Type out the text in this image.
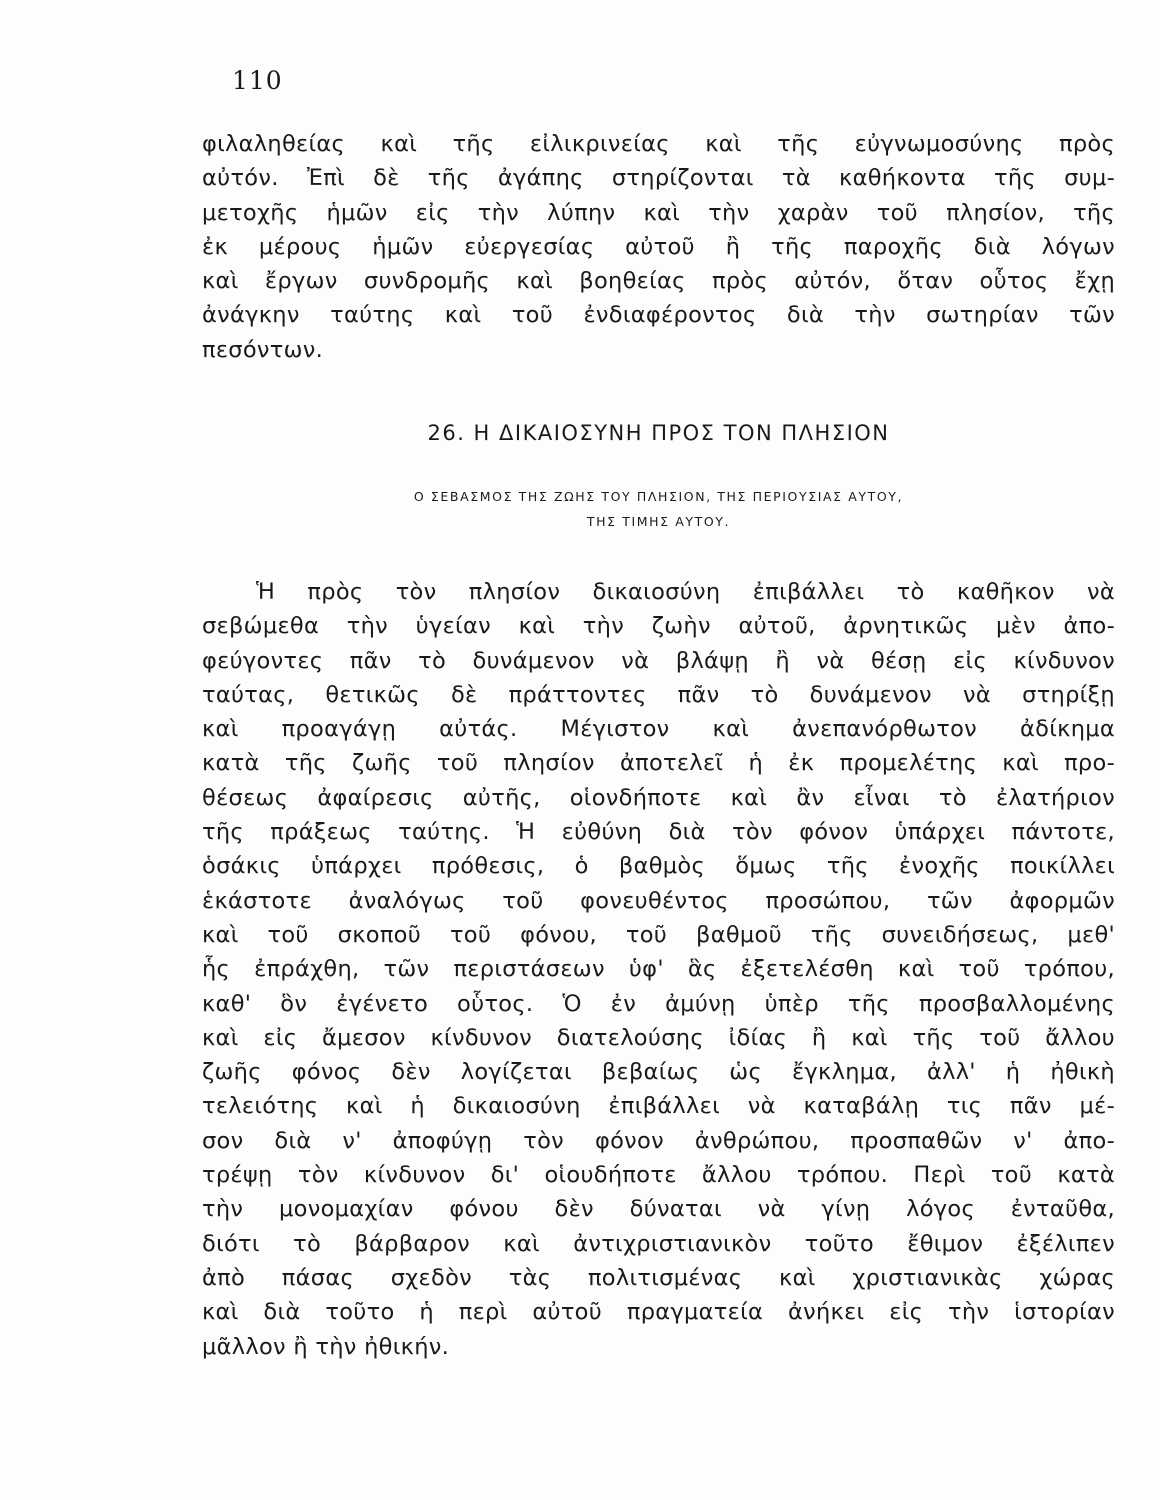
110
φιλαληθείας καὶ τῆς εἰλικρινείας καὶ τῆς εὐγνωμοσύνης πρὸς
αὐτόν. Ἐπὶ δὲ τῆς ἀγάπης στηρίζονται τὰ καθήκοντα τῆς συμ-
μετοχῆς ἡμῶν εἰς τὴν λύπην καὶ τὴν χαρὰν τοῦ πλησίον, τῆς
ἐκ μέρους ἡμῶν εὐεργεσίας αὐτοῦ ἢ τῆς παροχῆς διὰ λόγων
καὶ ἔργων συνδρομῆς καὶ βοηθείας πρὸς αὐτόν, ὅταν οὗτος ἔχῃ
ἀνάγκην ταύτης καὶ τοῦ ἐνδιαφέροντος διὰ τὴν σωτηρίαν τῶν
πεσόντων.
26. Η ΔΙΚΑΙΟΣΥΝΗ ΠΡΟΣ ΤΟΝ ΠΛΗΣΙΟΝ
Ο ΣΕΒΑΣΜΟΣ ΤΗΣ ΖΩΗΣ ΤΟΥ ΠΛΗΣΙΟΝ, ΤΗΣ ΠΕΡΙΟΥΣΙΑΣ ΑΥΤΟΥ,
ΤΗΣ ΤΙΜΗΣ ΑΥΤΟΥ.
Ἡ πρὸς τὸν πλησίον δικαιοσύνη ἐπιβάλλει τὸ καθῆκον νὰ
σεβώμεθα τὴν ὑγείαν καὶ τὴν ζωὴν αὐτοῦ, ἀρνητικῶς μὲν ἀπο-
φεύγοντες πᾶν τὸ δυνάμενον νὰ βλάψῃ ἢ νὰ θέσῃ εἰς κίνδυνον
ταύτας, θετικῶς δὲ πράττοντες πᾶν τὸ δυνάμενον νὰ στηρίξῃ
καὶ προαγάγῃ αὐτάς. Μέγιστον καὶ ἀνεπανόρθωτον ἀδίκημα
κατὰ τῆς ζωῆς τοῦ πλησίον ἀποτελεῖ ἡ ἐκ προμελέτης καὶ προ-
θέσεως ἀφαίρεσις αὐτῆς, οἱονδήποτε καὶ ἂν εἶναι τὸ ἐλατήριον
τῆς πράξεως ταύτης. Ἡ εὐθύνη διὰ τὸν φόνον ὑπάρχει πάντοτε,
ὁσάκις ὑπάρχει πρόθεσις, ὁ βαθμὸς ὅμως τῆς ἐνοχῆς ποικίλλει
ἑκάστοτε ἀναλόγως τοῦ φονευθέντος προσώπου, τῶν ἀφορμῶν
καὶ τοῦ σκοποῦ τοῦ φόνου, τοῦ βαθμοῦ τῆς συνειδήσεως, μεθ'
ἧς ἐπράχθη, τῶν περιστάσεων ὑφ' ἃς ἐξετελέσθη καὶ τοῦ τρόπου,
καθ' ὃν ἐγένετο οὗτος. Ὁ ἐν ἀμύνῃ ὑπὲρ τῆς προσβαλλομένης
καὶ εἰς ἄμεσον κίνδυνον διατελούσης ἰδίας ἢ καὶ τῆς τοῦ ἄλλου
ζωῆς φόνος δὲν λογίζεται βεβαίως ὡς ἔγκλημα, ἀλλ' ἡ ἠθικὴ
τελειότης καὶ ἡ δικαιοσύνη ἐπιβάλλει νὰ καταβάλῃ τις πᾶν μέ-
σον διὰ ν' ἀποφύγῃ τὸν φόνον ἀνθρώπου, προσπαθῶν ν' ἀπο-
τρέψῃ τὸν κίνδυνον δι' οἱουδήποτε ἄλλου τρόπου. Περὶ τοῦ κατὰ
τὴν μονομαχίαν φόνου δὲν δύναται νὰ γίνῃ λόγος ἐνταῦθα,
διότι τὸ βάρβαρον καὶ ἀντιχριστιανικὸν τοῦτο ἔθιμον ἐξέλιπεν
ἀπὸ πάσας σχεδὸν τὰς πολιτισμένας καὶ χριστιανικὰς χώρας
καὶ διὰ τοῦτο ἡ περὶ αὐτοῦ πραγματεία ἀνήκει εἰς τὴν ἱστορίαν
μᾶλλον ἢ τὴν ἠθικήν.
